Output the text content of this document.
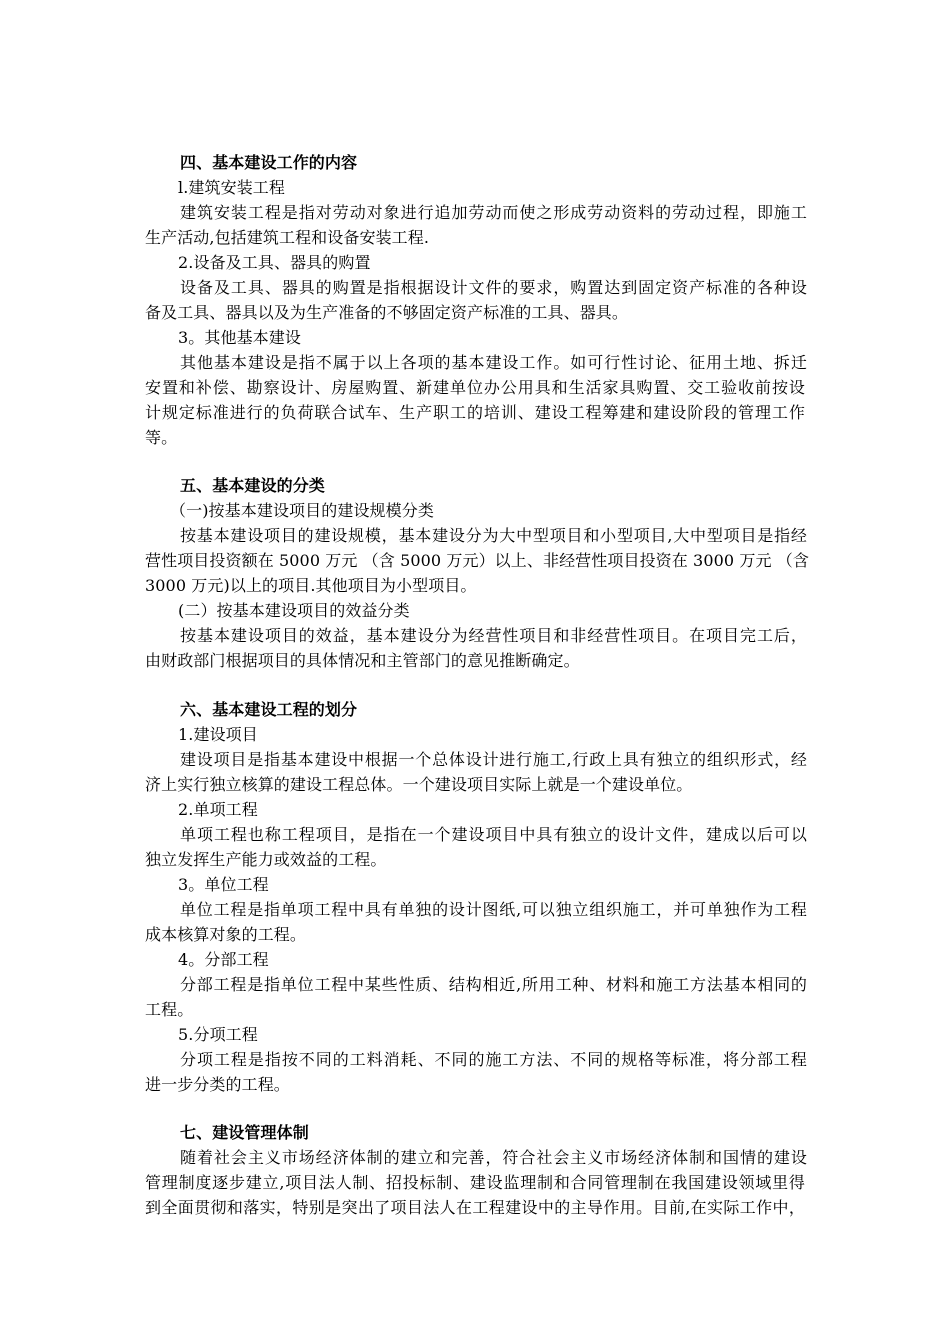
四、基本建设工作的内容
l.建筑安装工程
建筑安装工程是指对劳动对象进行追加劳动而使之形成劳动资料的劳动过程，即施工
生产活动,包括建筑工程和设备安装工程.
2.设备及工具、器具的购置
设备及工具、器具的购置是指根据设计文件的要求，购置达到固定资产标准的各种设
备及工具、器具以及为生产准备的不够固定资产标准的工具、器具。
3。其他基本建设
其他基本建设是指不属于以上各项的基本建设工作。如可行性讨论、征用土地、拆迁
安置和补偿、勘察设计、房屋购置、新建单位办公用具和生活家具购置、交工验收前按设
计规定标准进行的负荷联合试车、生产职工的培训、建设工程筹建和建设阶段的管理工作
等。
五、基本建设的分类
（一)按基本建设项目的建设规模分类
按基本建设项目的建设规模，基本建设分为大中型项目和小型项目,大中型项目是指经
营性项目投资额在 5000 万元 （含 5000 万元）以上、非经营性项目投资在 3000 万元 （含
3000 万元)以上的项目.其他项目为小型项目。
(二）按基本建设项目的效益分类
按基本建设项目的效益，基本建设分为经营性项目和非经营性项目。在项目完工后，
由财政部门根据项目的具体情况和主管部门的意见推断确定。
六、基本建设工程的划分
1.建设项目
建设项目是指基本建设中根据一个总体设计进行施工,行政上具有独立的组织形式，经
济上实行独立核算的建设工程总体。一个建设项目实际上就是一个建设单位。
2.单项工程
单项工程也称工程项目，是指在一个建设项目中具有独立的设计文件，建成以后可以
独立发挥生产能力或效益的工程。
3。单位工程
单位工程是指单项工程中具有单独的设计图纸,可以独立组织施工，并可单独作为工程
成本核算对象的工程。
4。分部工程
分部工程是指单位工程中某些性质、结构相近,所用工种、材料和施工方法基本相同的
工程。
5.分项工程
分项工程是指按不同的工料消耗、不同的施工方法、不同的规格等标准，将分部工程
进一步分类的工程。
七、建设管理体制
随着社会主义市场经济体制的建立和完善，符合社会主义市场经济体制和国情的建设
管理制度逐步建立,项目法人制、招投标制、建设监理制和合同管理制在我国建设领域里得
到全面贯彻和落实，特别是突出了项目法人在工程建设中的主导作用。目前,在实际工作中，
